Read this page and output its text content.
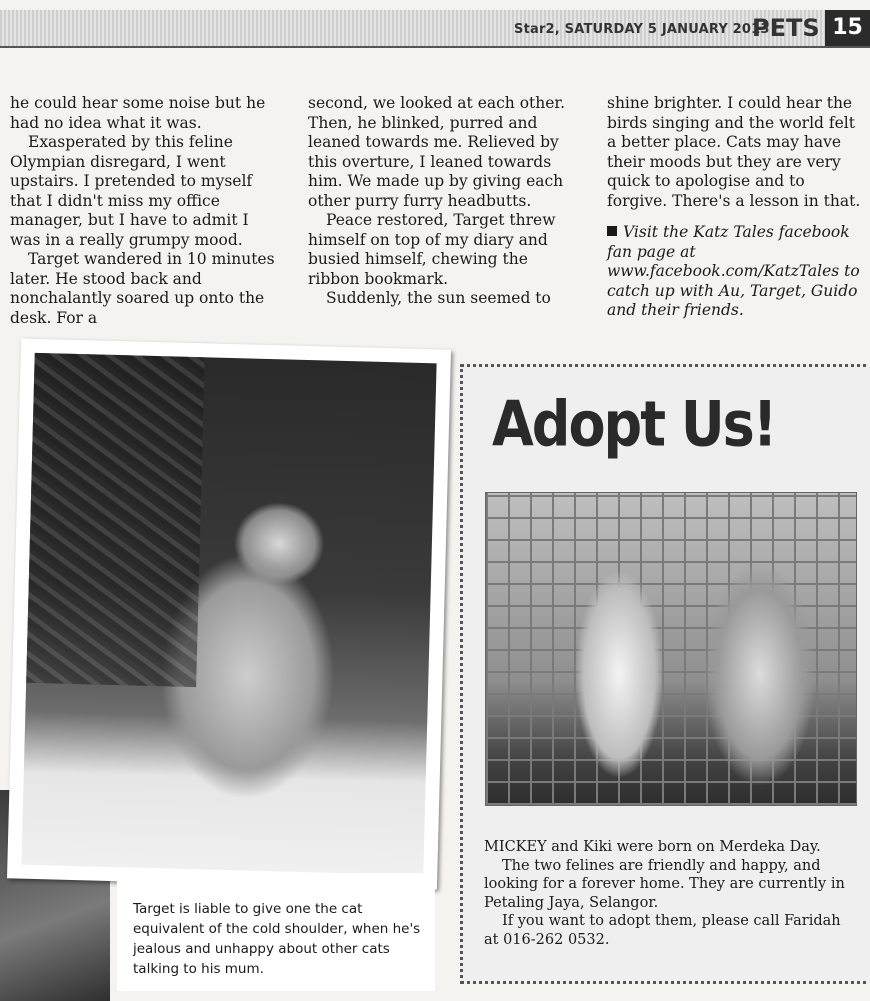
Star2, SATURDAY 5 JANUARY 2013
PETS 15

he could hear some noise but he had no idea what it was.

Exasperated by this feline Olympian disregard, I went upstairs. I pretended to myself that I didn't miss my office manager, but I have to admit I was in a really grumpy mood.

Target wandered in 10 minutes later. He stood back and nonchalantly soared up onto the desk. For a

second, we looked at each other. Then, he blinked, purred and leaned towards me. Relieved by this overture, I leaned towards him. We made up by giving each other purry furry headbutts.

Peace restored, Target threw himself on top of my diary and busied himself, chewing the ribbon bookmark.

Suddenly, the sun seemed to

shine brighter. I could hear the birds singing and the world felt a better place. Cats may have their moods but they are very quick to apologise and to forgive. There's a lesson in that.

Visit the Katz Tales facebook fan page at www.facebook.com/KatzTales to catch up with Au, Target, Guido and their friends.

Target is liable to give one the cat equivalent of the cold shoulder, when he's jealous and unhappy about other cats talking to his mum.

Adopt Us!

MICKEY and Kiki were born on Merdeka Day.

The two felines are friendly and happy, and looking for a forever home. They are currently in Petaling Jaya, Selangor.

If you want to adopt them, please call Faridah at 016-262 0532.
